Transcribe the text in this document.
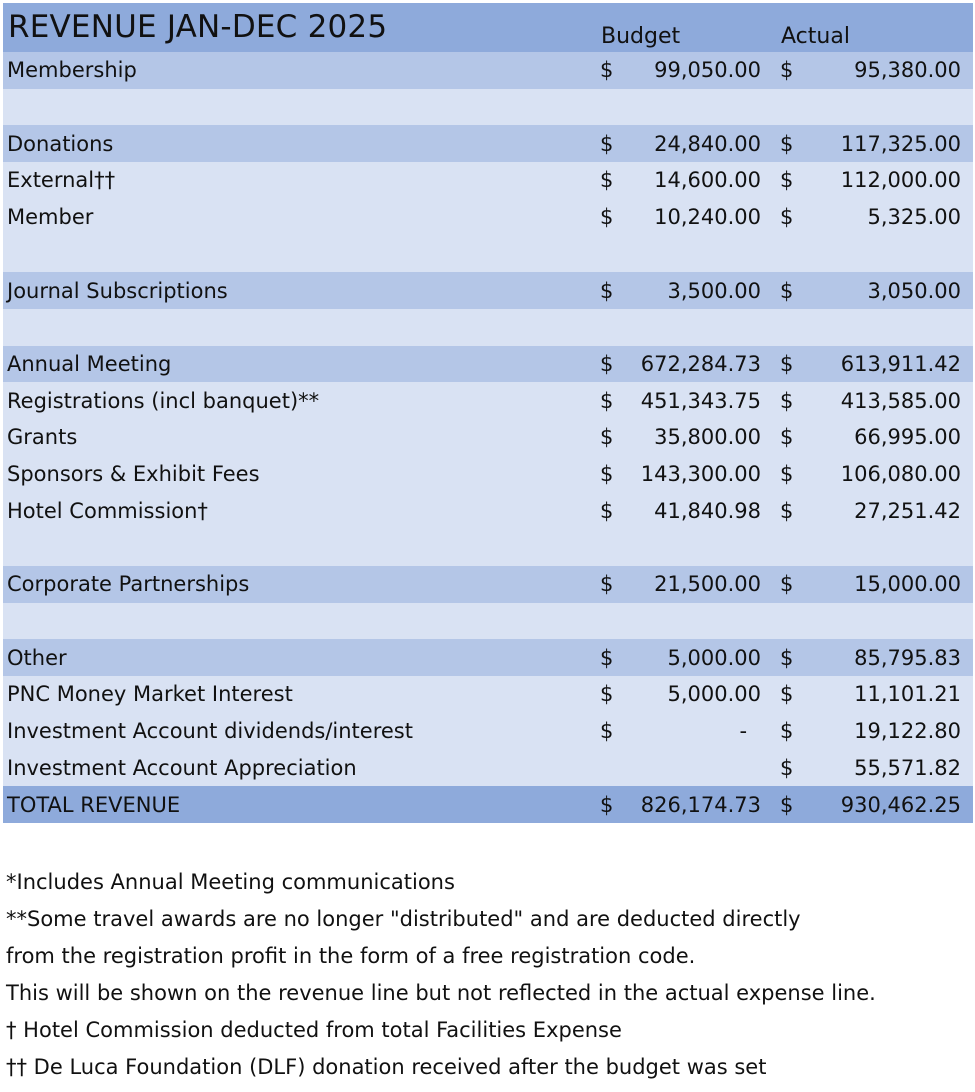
REVENUE JAN-DEC 2025	Budget		Actual	
Membership	$	99,050.00	$	95,380.00

Donations	$	24,840.00	$	117,325.00
External††	$	14,600.00	$	112,000.00
Member	$	10,240.00	$	5,325.00

Journal Subscriptions	$	3,500.00	$	3,050.00

Annual Meeting	$	672,284.73	$	613,911.42
Registrations (incl banquet)**	$	451,343.75	$	413,585.00
Grants	$	35,800.00	$	66,995.00
Sponsors & Exhibit Fees	$	143,300.00	$	106,080.00
Hotel Commission†	$	41,840.98	$	27,251.42

Corporate Partnerships	$	21,500.00	$	15,000.00

Other	$	5,000.00	$	85,795.83
PNC Money Market Interest	$	5,000.00	$	11,101.21
Investment Account dividends/interest	$	-	$	19,122.80
Investment Account Appreciation			$	55,571.82
TOTAL REVENUE	$	826,174.73	$	930,462.25
*Includes Annual Meeting communications
**Some travel awards are no longer "distributed" and are deducted directly
from the registration profit in the form of a free registration code.
This will be shown on the revenue line but not reflected in the actual expense line.
† Hotel Commission deducted from total Facilities Expense
†† De Luca Foundation (DLF) donation received after the budget was set
